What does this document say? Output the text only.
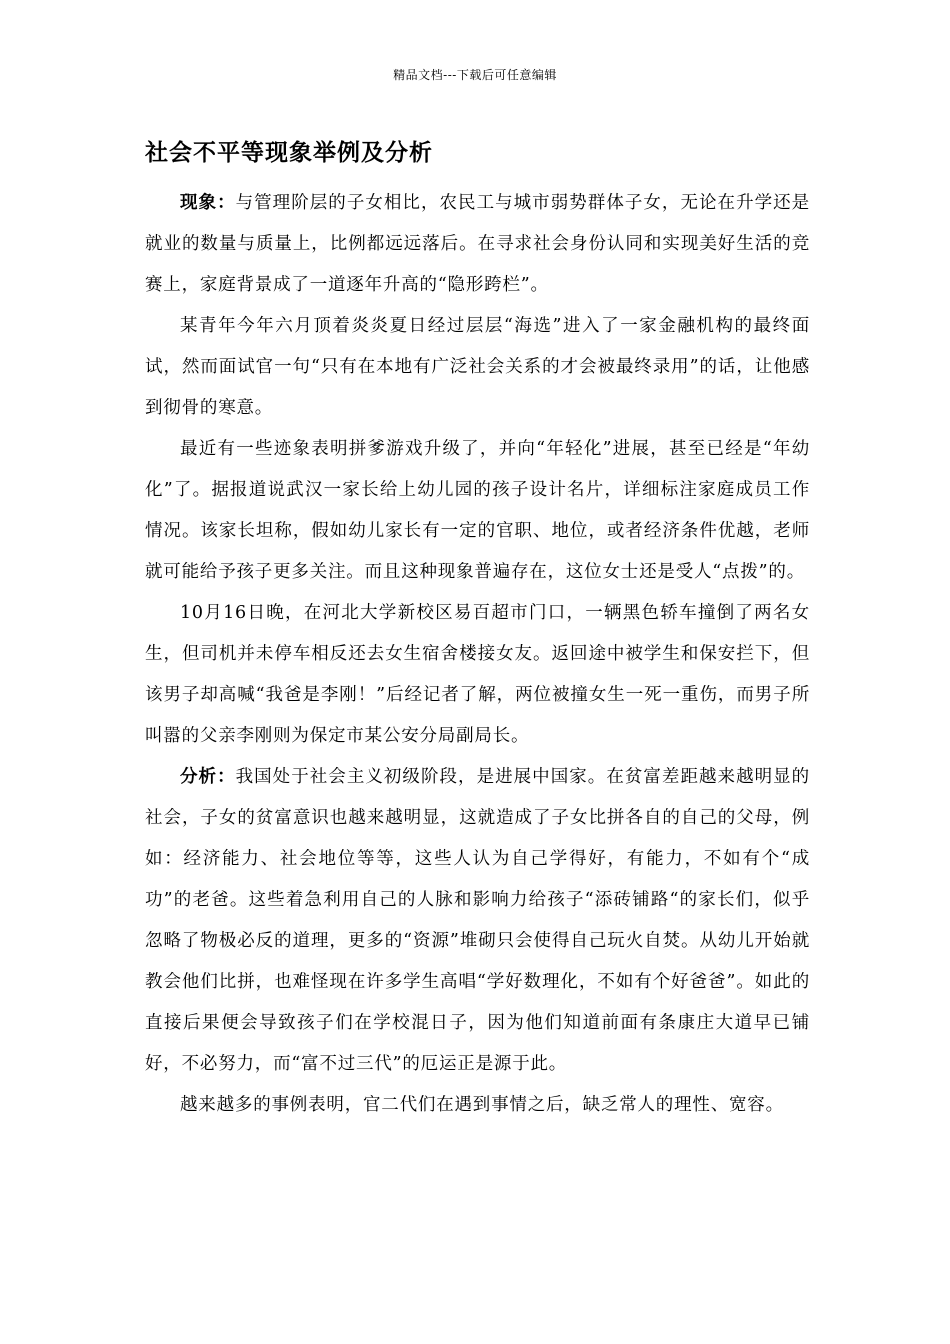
精品文档---下载后可任意编辑
社会不平等现象举例及分析

现象：与管理阶层的子女相比，农民工与城市弱势群体子女，无论在升学还是就业的数量与质量上，比例都远远落后。在寻求社会身份认同和实现美好生活的竞赛上，家庭背景成了一道逐年升高的“隐形跨栏”。

某青年今年六月顶着炎炎夏日经过层层“海选”进入了一家金融机构的最终面试，然而面试官一句“只有在本地有广泛社会关系的才会被最终录用”的话，让他感到彻骨的寒意。

最近有一些迹象表明拼爹游戏升级了，并向“年轻化”进展，甚至已经是“年幼化”了。据报道说武汉一家长给上幼儿园的孩子设计名片，详细标注家庭成员工作情况。该家长坦称，假如幼儿家长有一定的官职、地位，或者经济条件优越，老师就可能给予孩子更多关注。而且这种现象普遍存在，这位女士还是受人“点拨”的。

10月16日晚，在河北大学新校区易百超市门口，一辆黑色轿车撞倒了两名女生，但司机并未停车相反还去女生宿舍楼接女友。返回途中被学生和保安拦下，但该男子却高喊“我爸是李刚！”后经记者了解，两位被撞女生一死一重伤，而男子所叫嚣的父亲李刚则为保定市某公安分局副局长。

分析：我国处于社会主义初级阶段，是进展中国家。在贫富差距越来越明显的社会，子女的贫富意识也越来越明显，这就造成了子女比拼各自的自己的父母，例如：经济能力、社会地位等等，这些人认为自己学得好，有能力，不如有个“成功”的老爸。这些着急利用自己的人脉和影响力给孩子“添砖铺路“的家长们，似乎忽略了物极必反的道理，更多的“资源”堆砌只会使得自己玩火自焚。从幼儿开始就教会他们比拼，也难怪现在许多学生高唱“学好数理化，不如有个好爸爸”。如此的直接后果便会导致孩子们在学校混日子，因为他们知道前面有条康庄大道早已铺好，不必努力，而“富不过三代”的厄运正是源于此。

越来越多的事例表明，官二代们在遇到事情之后，缺乏常人的理性、宽容。
